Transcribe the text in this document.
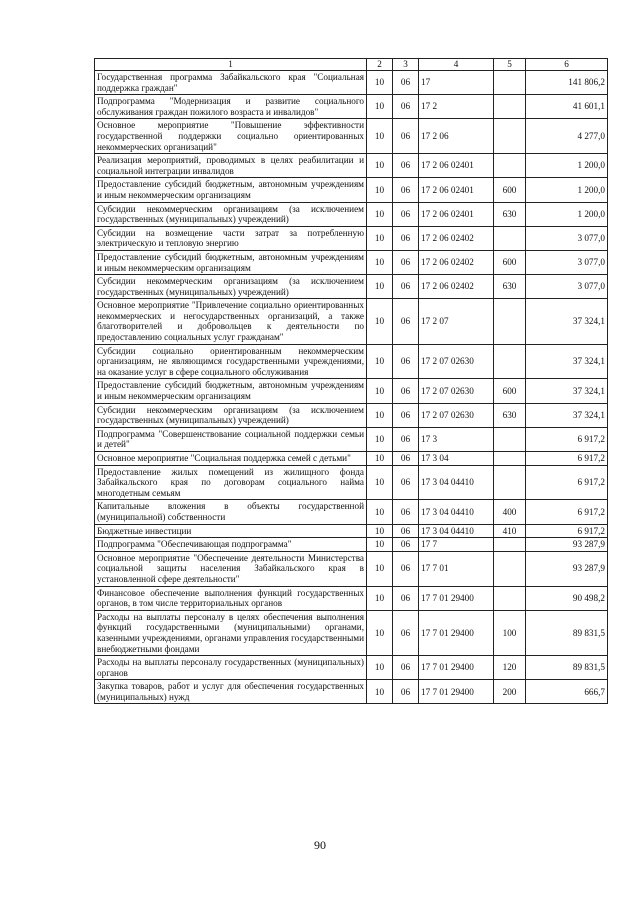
1	2	3	4	5	6
Государственная программа Забайкальского края "Социальная поддержка граждан"	10	06	17		141 806,2
Подпрограмма "Модернизация и развитие социального обслуживания граждан пожилого возраста и инвалидов"	10	06	17 2		41 601,1
Основное мероприятие "Повышение эффективности государственной поддержки социально ориентированных некоммерческих организаций"	10	06	17 2 06		4 277,0
Реализация мероприятий, проводимых в целях реабилитации и социальной интеграции инвалидов	10	06	17 2 06 02401		1 200,0
Предоставление субсидий бюджетным, автономным учреждениям и иным некоммерческим организациям	10	06	17 2 06 02401	600	1 200,0
Субсидии некоммерческим организациям (за исключением государственных (муниципальных) учреждений)	10	06	17 2 06 02401	630	1 200,0
Субсидии на возмещение части затрат за потребленную электрическую и тепловую энергию	10	06	17 2 06 02402		3 077,0
Предоставление субсидий бюджетным, автономным учреждениям и иным некоммерческим организациям	10	06	17 2 06 02402	600	3 077,0
Субсидии некоммерческим организациям (за исключением государственных (муниципальных) учреждений)	10	06	17 2 06 02402	630	3 077,0
Основное мероприятие "Привлечение социально ориентированных некоммерческих и негосударственных организаций, а также благотворителей и добровольцев к деятельности по предоставлению социальных услуг гражданам"	10	06	17 2 07		37 324,1
Субсидии социально ориентированным некоммерческим организациям, не являющимся государственными учреждениями, на оказание услуг в сфере социального обслуживания	10	06	17 2 07 02630		37 324,1
Предоставление субсидий бюджетным, автономным учреждениям и иным некоммерческим организациям	10	06	17 2 07 02630	600	37 324,1
Субсидии некоммерческим организациям (за исключением государственных (муниципальных) учреждений)	10	06	17 2 07 02630	630	37 324,1
Подпрограмма "Совершенствование социальной поддержки семьи и детей"	10	06	17 3		6 917,2
Основное мероприятие "Социальная поддержка семей с детьми"	10	06	17 3 04		6 917,2
Предоставление жилых помещений из жилищного фонда Забайкальского края по договорам социального найма многодетным семьям	10	06	17 3 04 04410		6 917,2
Капитальные вложения в объекты государственной (муниципальной) собственности	10	06	17 3 04 04410	400	6 917,2
Бюджетные инвестиции	10	06	17 3 04 04410	410	6 917,2
Подпрограмма "Обеспечивающая подпрограмма"	10	06	17 7		93 287,9
Основное мероприятие "Обеспечение деятельности Министерства социальной защиты населения Забайкальского края в установленной сфере деятельности"	10	06	17 7 01		93 287,9
Финансовое обеспечение выполнения функций государственных органов, в том числе территориальных органов	10	06	17 7 01 29400		90 498,2
Расходы на выплаты персоналу в целях обеспечения выполнения функций государственными (муниципальными) органами, казенными учреждениями, органами управления государственными внебюджетными фондами	10	06	17 7 01 29400	100	89 831,5
Расходы на выплаты персоналу государственных (муниципальных) органов	10	06	17 7 01 29400	120	89 831,5
Закупка товаров, работ и услуг для обеспечения государственных (муниципальных) нужд	10	06	17 7 01 29400	200	666,7
90
